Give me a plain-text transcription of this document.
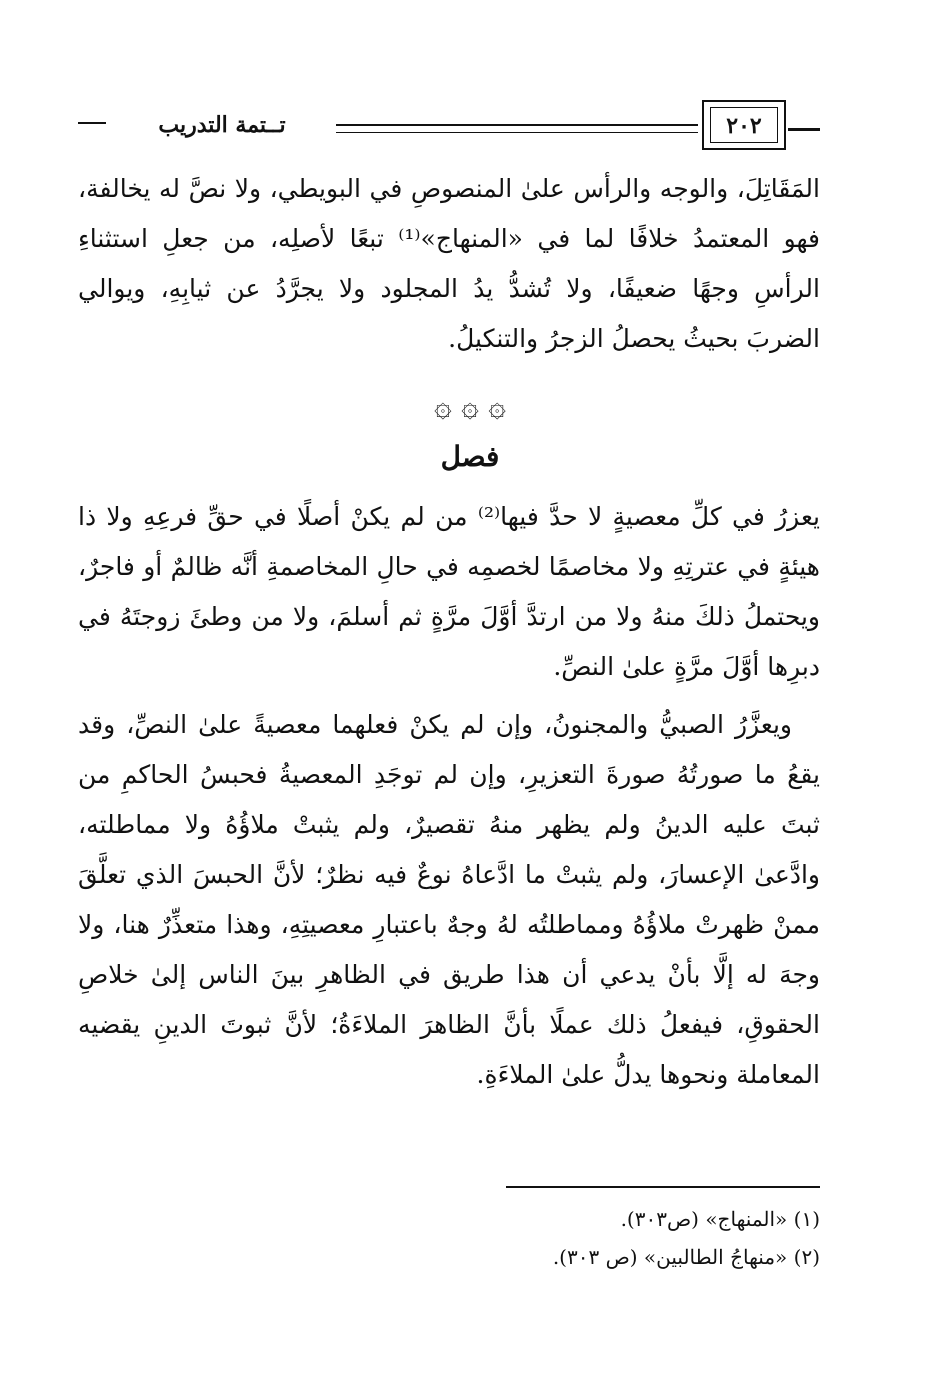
تــتمة التدريب	٢٠٢

المَقَاتِلَ، والوجه والرأس علىٰ المنصوصِ في البويطي، ولا نصَّ له يخالفة، فهو المعتمدُ خلافًا لما في «المنهاج»⁽¹⁾ تبعًا لأصلِه، من جعلِ استثناءِ الرأسِ وجهًا ضعيفًا، ولا تُشدُّ يدُ المجلود ولا يجرَّدُ عن ثيابِهِ، ويوالي الضربَ بحيثُ يحصلُ الزجرُ والتنكيلُ.

۞ ۞ ۞
فصل

يعزرُ في كلِّ معصيةٍ لا حدَّ فيها⁽²⁾ من لم يكنْ أصلًا في حقِّ فرعِهِ ولا ذا هيئةٍ في عترتِهِ ولا مخاصمًا لخصمِه في حالِ المخاصمةِ أنَّه ظالمٌ أو فاجرٌ، ويحتملُ ذلكَ منهُ ولا من ارتدَّ أوَّلَ مرَّةٍ ثم أسلمَ، ولا من وطئَ زوجتَهُ في دبرِها أوَّلَ مرَّةٍ علىٰ النصِّ.

ويعزَّرُ الصبيُّ والمجنونُ، وإن لم يكنْ فعلهما معصيةً علىٰ النصِّ، وقد يقعُ ما صورتُهُ صورةَ التعزيرِ، وإن لم توجَدِ المعصيةُ فحبسُ الحاكمِ من ثبتَ عليه الدينُ ولم يظهر منهُ تقصيرٌ، ولم يثبتْ ملاؤُهُ ولا مماطلته، وادَّعىٰ الإعسارَ، ولم يثبتْ ما ادَّعاهُ نوعٌ فيه نظرٌ؛ لأنَّ الحبسَ الذي تعلَّقَ ممنْ ظهرتْ ملاؤُهُ ومماطلتُه لهُ وجهٌ باعتبارِ معصيتِهِ، وهذا متعذِّرٌ هنا، ولا وجهَ له إلَّا بأنْ يدعي أن هذا طريق في الظاهرِ بينَ الناس إلىٰ خلاصِ الحقوقِ، فيفعلُ ذلك عملًا بأنَّ الظاهرَ الملاءَةُ؛ لأنَّ ثبوتَ الدينِ يقضيه المعاملة ونحوها يدلُّ علىٰ الملاءَةِ.

(١) «المنهاج» (ص٣٠٣).
(٢) «منهاجُ الطالبين» (ص ٣٠٣).
